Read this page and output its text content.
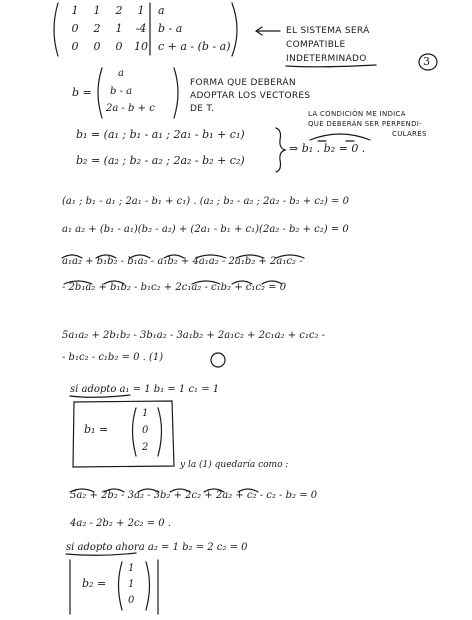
1 1 2 1 a
0 2 1 -4 b - a
0 0 0 10 c + a - (b - a)
EL SISTEMA SERÁ
COMPATIBLE
INDETERMINADO	3
b =
a
b - a
2a - b + c
FORMA QUE DEBERÁN
ADOPTAR LOS VECTORES
DE T.	LA CONDICIÓN ME INDICA
QUE DEBERÁN SER PERPENDI-
CULARES
b₁ = (a₁ ; b₁ - a₁ ; 2a₁ - b₁ + c₁)
b₂ = (a₂ ; b₂ - a₂ ; 2a₂ - b₂ + c₂)
⇒ b₁ . b₂ = 0 .
(a₁ ; b₁ - a₁ ; 2a₁ - b₁ + c₁) . (a₂ ; b₂ - a₂ ; 2a₂ - b₂ + c₂) = 0
a₁ a₂ + (b₁ - a₁)(b₂ - a₂) + (2a₁ - b₁ + c₁)(2a₂ - b₂ + c₂) = 0
a₁a₂ + b₁b₂ - b₁a₂ - a₁b₂ + 4a₁a₂ - 2a₁b₂ + 2a₁c₂ -
- 2b₁a₂ + b₁b₂ - b₁c₂ + 2c₁a₂ - c₁b₂ + c₁c₂ = 0
5a₁a₂ + 2b₁b₂ - 3b₁a₂ - 3a₁b₂ + 2a₁c₂ + 2c₁a₂ + c₁c₂ -
- b₁c₂ - c₁b₂ = 0 . (1)
si adopto a₁ = 1 b₁ = 1 c₁ = 1
b₁ =
1
0
2
y la (1) quedaría como :
5a₂ + 2b₂ - 3a₂ - 3b₂ + 2c₂ + 2a₂ + c₂ - c₂ - b₂ = 0
4a₂ - 2b₂ + 2c₂ = 0 .
si adopto ahora a₂ = 1 b₂ = 2 c₂ = 0
b₂ =
1
1
0
